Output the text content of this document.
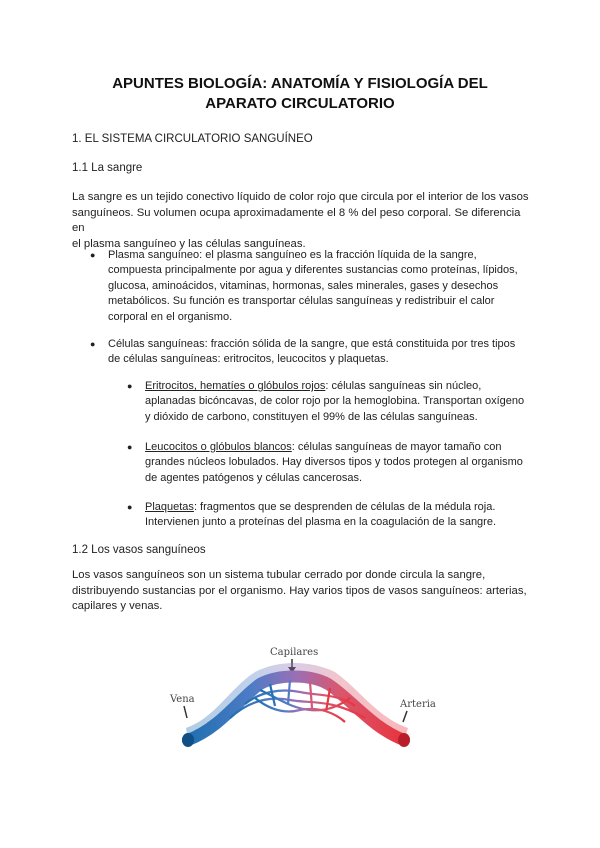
APUNTES BIOLOGÍA: ANATOMÍA Y FISIOLOGÍA DEL
APARATO CIRCULATORIO
1. EL SISTEMA CIRCULATORIO SANGUÍNEO
1.1 La sangre
La sangre es un tejido conectivo líquido de color rojo que circula por el interior de los vasos
sanguíneos. Su volumen ocupa aproximadamente el 8 % del peso corporal. Se diferencia en
el plasma sanguíneo y las células sanguíneas.
● Plasma sanguíneo: el plasma sanguíneo es la fracción líquida de la sangre,
compuesta principalmente por agua y diferentes sustancias como proteínas, lípidos,
glucosa, aminoácidos, vitaminas, hormonas, sales minerales, gases y desechos
metabólicos. Su función es transportar células sanguíneas y redistribuir el calor
corporal en el organismo.
● Células sanguíneas: fracción sólida de la sangre, que está constituida por tres tipos
de células sanguíneas: eritrocitos, leucocitos y plaquetas.
● Eritrocitos, hematíes o glóbulos rojos: células sanguíneas sin núcleo,
aplanadas bicóncavas, de color rojo por la hemoglobina. Transportan oxígeno
y dióxido de carbono, constituyen el 99% de las células sanguíneas.
● Leucocitos o glóbulos blancos: células sanguíneas de mayor tamaño con
grandes núcleos lobulados. Hay diversos tipos y todos protegen al organismo
de agentes patógenos y células cancerosas.
● Plaquetas: fragmentos que se desprenden de células de la médula roja.
Intervienen junto a proteínas del plasma en la coagulación de la sangre.
1.2 Los vasos sanguíneos
Los vasos sanguíneos son un sistema tubular cerrado por donde circula la sangre,
distribuyendo sustancias por el organismo. Hay varios tipos de vasos sanguíneos: arterias,
capilares y venas.
Capilares
Vena	Arteria
